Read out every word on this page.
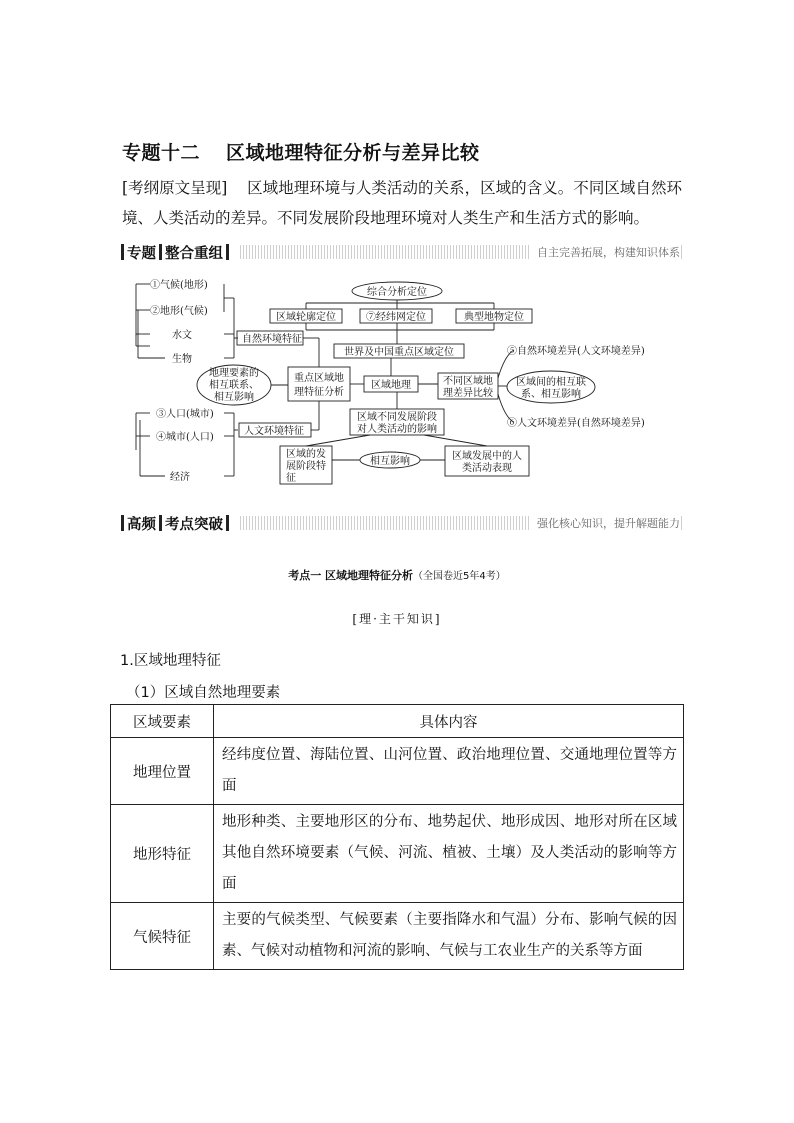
专题十二 区域地理特征分析与差异比较
[考纲原文呈现] 区域地理环境与人类活动的关系，区域的含义。不同区域自然环境、人类活动的差异。不同发展阶段地理环境对人类生产和生活方式的影响。
专题 整合重组	自主完善拓展，构建知识体系
①气候(地形)
②地形(气候)
水文
生物
③人口(城市)
④城市(人口)
经济
自然环境特征
人文环境特征
综合分析定位
区域轮廓定位	⑦经纬网定位	典型地物定位
世界及中国重点区域定位
地理要素的
相互联系、
相互影响
重点区域地
理特征分析
区域地理	不同区域地
理差异比较
⑤自然环境差异(人文环境差异)
⑥人文环境差异(自然环境差异)
区域间的相互联
系、相互影响
区域不同发展阶段
对人类活动的影响
区域的发
展阶段特
征
相互影响	区域发展中的人
类活动表现
高频 考点突破	强化核心知识，提升解题能力
考点一 区域地理特征分析（全国卷近5年4考）
[理·主干知识]
1.区域地理特征
（1）区域自然地理要素
区域要素	具体内容
地理位置	经纬度位置、海陆位置、山河位置、政治地理位置、交通地理位置等方面
地形特征	地形种类、主要地形区的分布、地势起伏、地形成因、地形对所在区域其他自然环境要素（气候、河流、植被、土壤）及人类活动的影响等方面
气候特征	主要的气候类型、气候要素（主要指降水和气温）分布、影响气候的因素、气候对动植物和河流的影响、气候与工农业生产的关系等方面
